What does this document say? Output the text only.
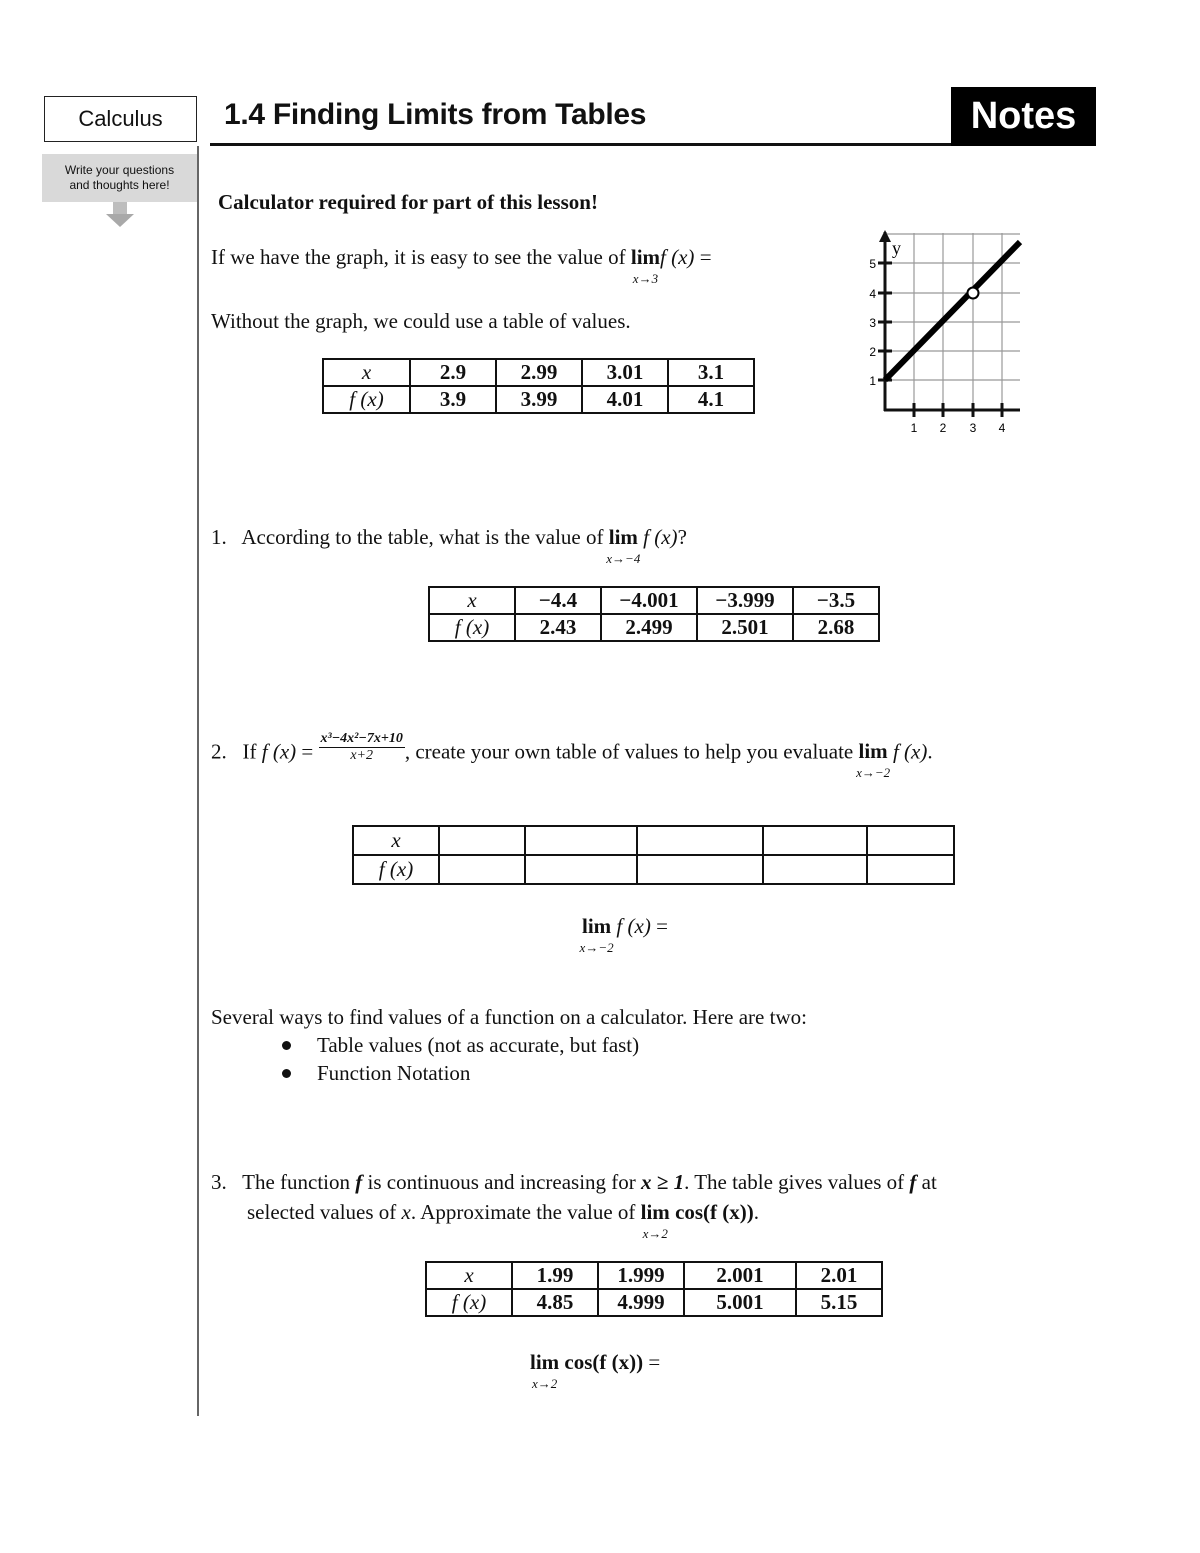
Calculus	1.4 Finding Limits from Tables	Notes
Write your questions
and thoughts here!
Calculator required for part of this lesson!
If we have the graph, it is easy to see the value of lim
x→3
f (x) =
Without the graph, we could use a table of values.
x	2.9	2.99	3.01	3.1
f (x)	3.9	3.99	4.01	4.1
y
1 2 3 4
1
2
3
4
5
1. According to the table, what is the value of lim
x→−4
f (x)?
x	−4.4	−4.001	−3.999	−3.5
f (x)	2.43	2.499	2.501	2.68
2. If f $(x) = \frac{\text{x³−4x²−7x+10}}{x+2}$ , create your own table of values to help you evaluate lim
x→−2
f (x).
x					
f (x)					
lim
x→−2
f (x) =
Several ways to find values of a function on a calculator. Here are two:
Table values (not as accurate, but fast)
Function Notation
3. The function f is continuous and increasing for x ≥ 1. The table gives values of f at
selected values of x. Approximate the value of lim
x→2
cos(f (x)).
x	1.99	1.999	2.001	2.01
f (x)	4.85	4.999	5.001	5.15
lim
x→2
cos(f (x)) =
